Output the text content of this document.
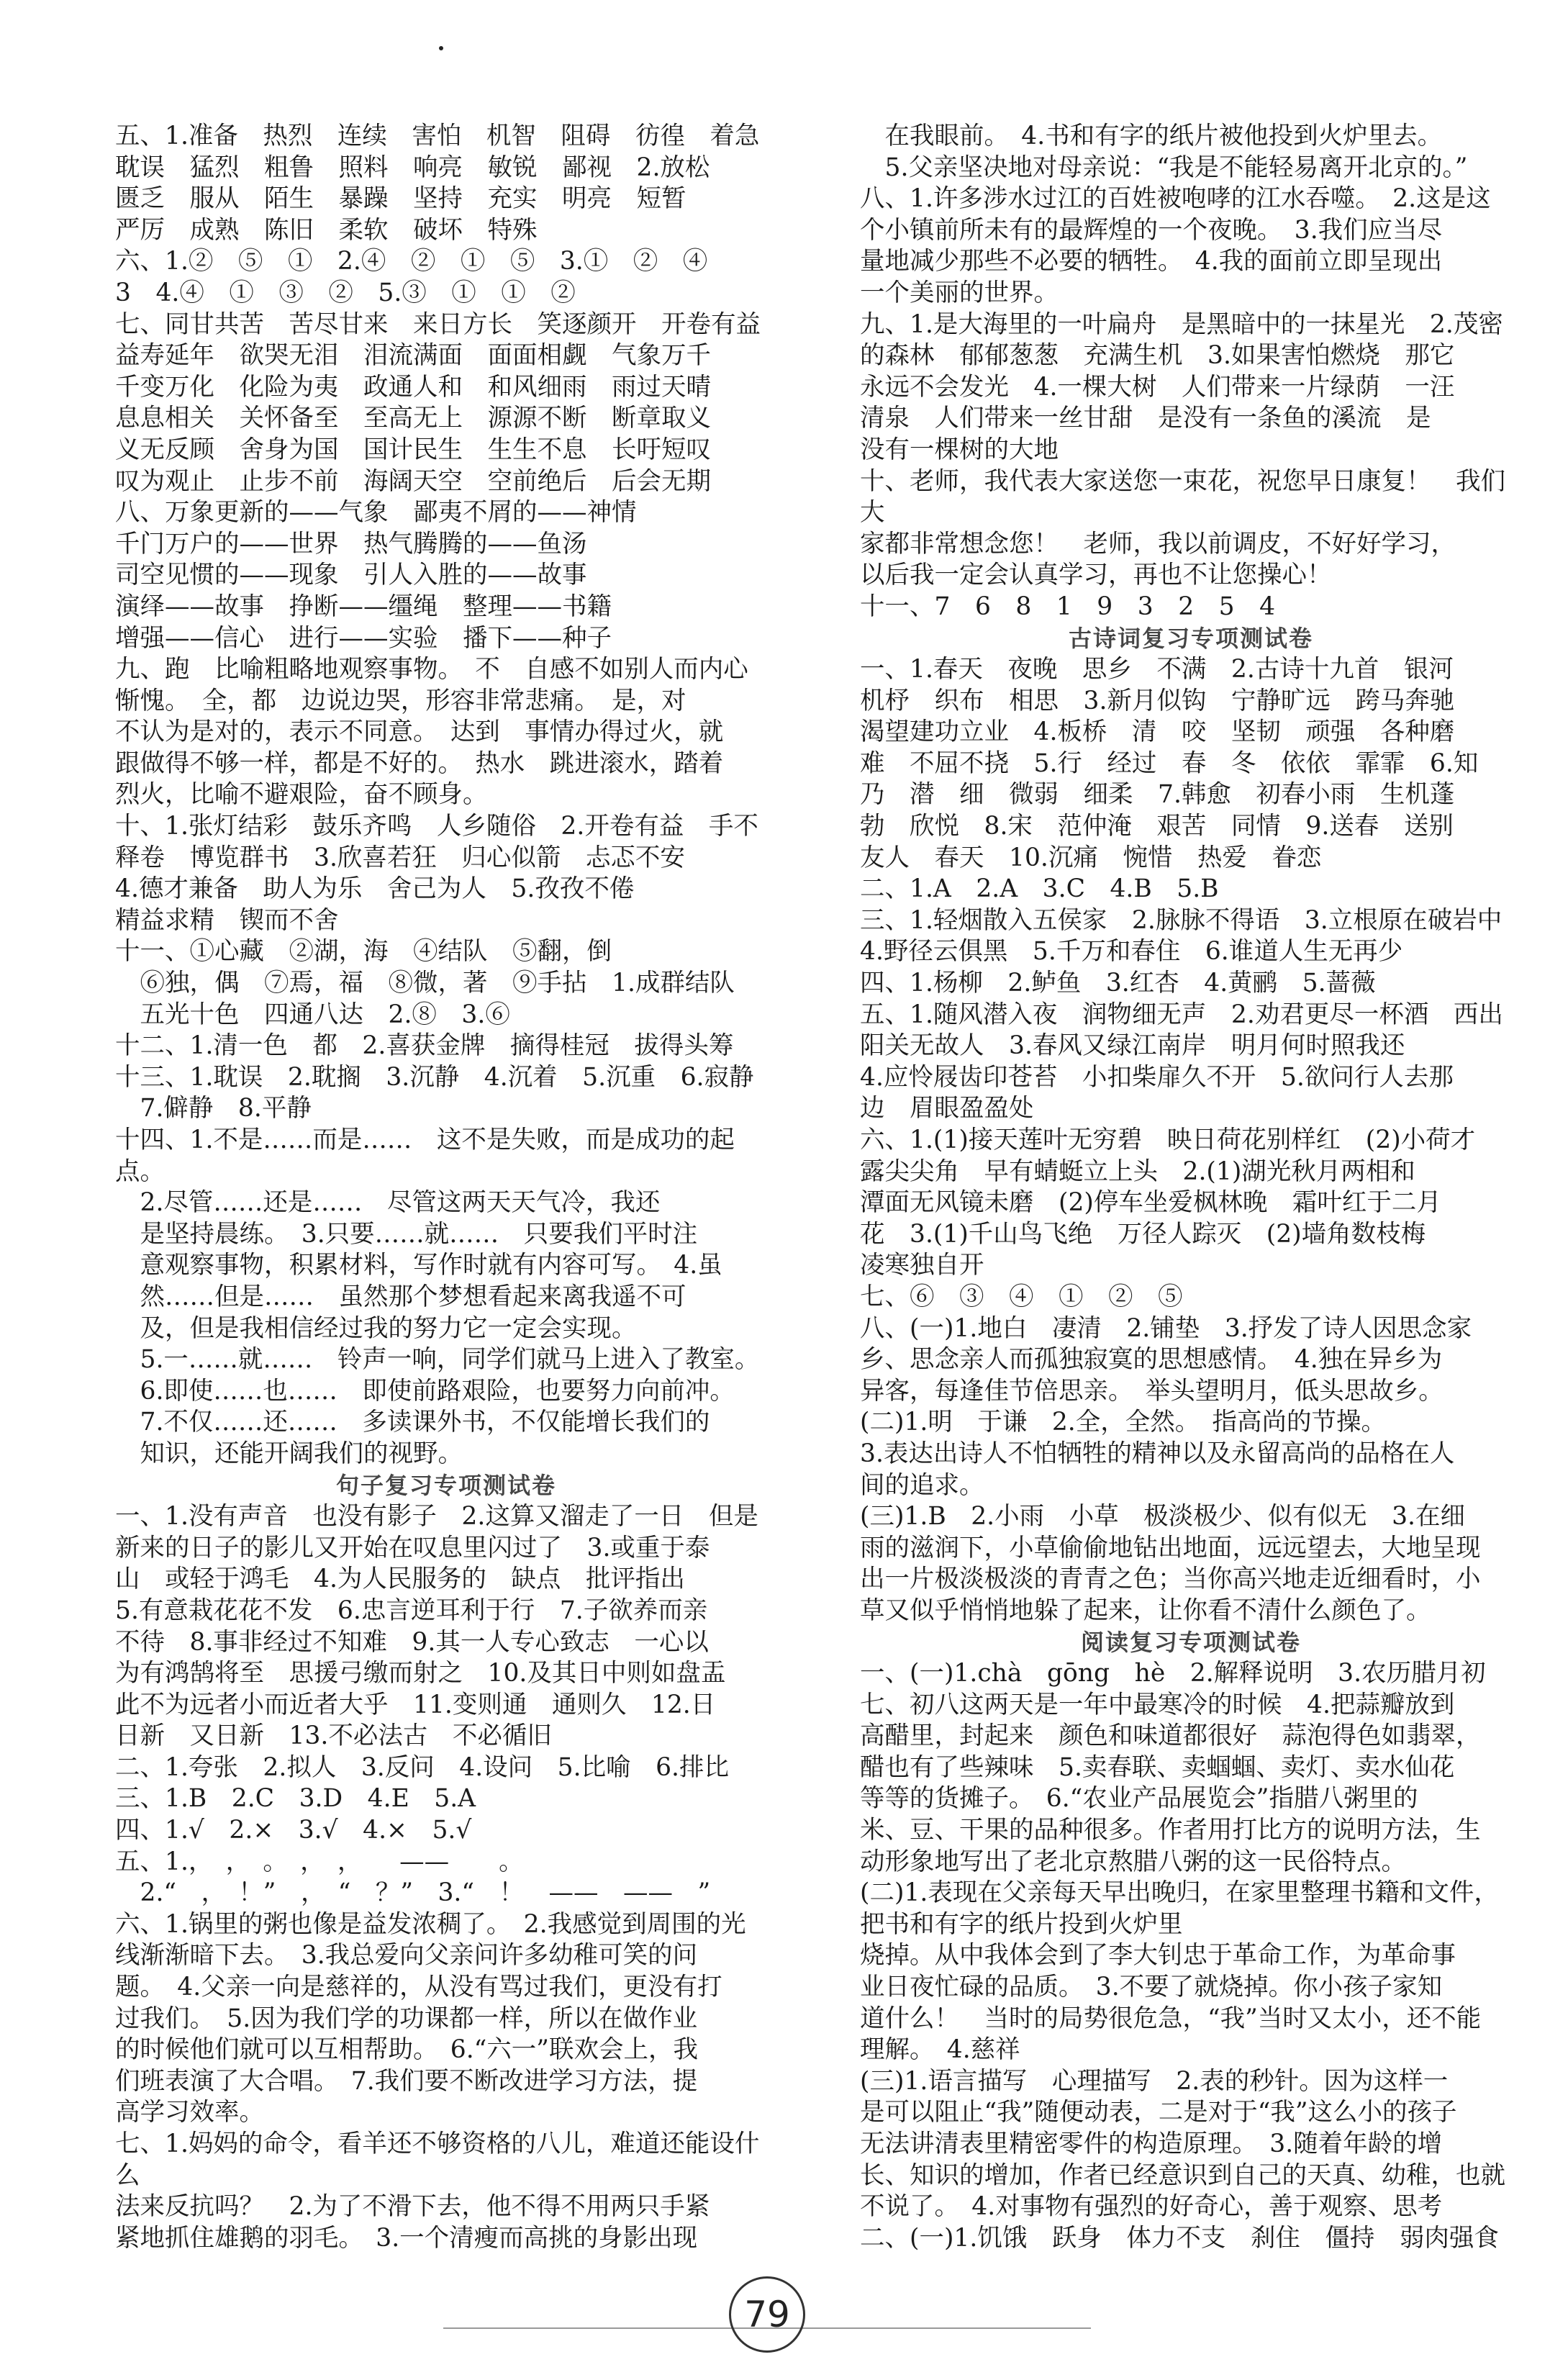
五、1.准备　热烈　连续　害怕　机智　阻碍　彷徨　着急

耽误　猛烈　粗鲁　照料　响亮　敏锐　鄙视　2.放松

匮乏　服从　陌生　暴躁　坚持　充实　明亮　短暂

严厉　成熟　陈旧　柔软　破坏　特殊

六、1.②　⑤　①　2.④　②　①　⑤　3.①　②　④

3　4.④　①　③　②　5.③　①　①　②

七、同甘共苦　苦尽甘来　来日方长　笑逐颜开　开卷有益

益寿延年　欲哭无泪　泪流满面　面面相觑　气象万千

千变万化　化险为夷　政通人和　和风细雨　雨过天晴

息息相关　关怀备至　至高无上　源源不断　断章取义

义无反顾　舍身为国　国计民生　生生不息　长吁短叹

叹为观止　止步不前　海阔天空　空前绝后　后会无期

八、万象更新的——气象　鄙夷不屑的——神情

千门万户的——世界　热气腾腾的——鱼汤

司空见惯的——现象　引人入胜的——故事

演绎——故事　挣断——缰绳　整理——书籍

增强——信心　进行——实验　播下——种子

九、跑　比喻粗略地观察事物。　不　自感不如别人而内心

惭愧。　全，都　边说边哭，形容非常悲痛。　是，对

不认为是对的，表示不同意。　达到　事情办得过火，就

跟做得不够一样，都是不好的。　热水　跳进滚水，踏着

烈火，比喻不避艰险，奋不顾身。

十、1.张灯结彩　鼓乐齐鸣　人乡随俗　2.开卷有益　手不

释卷　博览群书　3.欣喜若狂　归心似箭　忐忑不安

4.德才兼备　助人为乐　舍己为人　5.孜孜不倦

精益求精　锲而不舍

十一、①心藏　②湖，海　④结队　⑤翻，倒

　⑥独，偶　⑦焉，福　⑧微，著　⑨手拈　1.成群结队

　五光十色　四通八达　2.⑧　3.⑥

十二、1.清一色　都　2.喜获金牌　摘得桂冠　拔得头筹

十三、1.耽误　2.耽搁　3.沉静　4.沉着　5.沉重　6.寂静

　7.僻静　8.平静

十四、1.不是……而是……　这不是失败，而是成功的起点。

　2.尽管……还是……　尽管这两天天气冷，我还

　是坚持晨练。　3.只要……就……　只要我们平时注

　意观察事物，积累材料，写作时就有内容可写。　4.虽

　然……但是……　虽然那个梦想看起来离我遥不可

　及，但是我相信经过我的努力它一定会实现。

　5.一……就……　铃声一响，同学们就马上进入了教室。

　6.即使……也……　即使前路艰险，也要努力向前冲。

　7.不仅……还……　多读课外书，不仅能增长我们的

　知识，还能开阔我们的视野。

句子复习专项测试卷

一、1.没有声音　也没有影子　2.这算又溜走了一日　但是

新来的日子的影儿又开始在叹息里闪过了　3.或重于泰

山　或轻于鸿毛　4.为人民服务的　缺点　批评指出

5.有意栽花花不发　6.忠言逆耳利于行　7.子欲养而亲

不待　8.事非经过不知难　9.其一人专心致志　一心以

为有鸿鹄将至　思援弓缴而射之　10.及其日中则如盘盂

此不为远者小而近者大乎　11.变则通　通则久　12.日

日新　又日新　13.不必法古　不必循旧

二、1.夸张　2.拟人　3.反问　4.设问　5.比喻　6.排比

三、1.B　2.C　3.D　4.E　5.A

四、1.√　2.×　3.√　4.×　5.√

五、1.，　，　。　，　，　　——　　。

　2.“　，　！”　，　“　？”　3.“　！　——　——　”

六、1.锅里的粥也像是益发浓稠了。　2.我感觉到周围的光

线渐渐暗下去。　3.我总爱向父亲问许多幼稚可笑的问

题。　4.父亲一向是慈祥的，从没有骂过我们，更没有打

过我们。　5.因为我们学的功课都一样，所以在做作业

的时候他们就可以互相帮助。　6.“六一”联欢会上，我

们班表演了大合唱。　7.我们要不断改进学习方法，提

高学习效率。

七、1.妈妈的命令，看羊还不够资格的八儿，难道还能设什么

法来反抗吗？　2.为了不滑下去，他不得不用两只手紧

紧地抓住雄鹅的羽毛。　3.一个清瘦而高挑的身影出现

　在我眼前。　4.书和有字的纸片被他投到火炉里去。

　5.父亲坚决地对母亲说：“我是不能轻易离开北京的。”

八、1.许多涉水过江的百姓被咆哮的江水吞噬。　2.这是这

个小镇前所未有的最辉煌的一个夜晚。　3.我们应当尽

量地减少那些不必要的牺牲。　4.我的面前立即呈现出

一个美丽的世界。

九、1.是大海里的一叶扁舟　是黑暗中的一抹星光　2.茂密

的森林　郁郁葱葱　充满生机　3.如果害怕燃烧　那它

永远不会发光　4.一棵大树　人们带来一片绿荫　一汪

清泉　人们带来一丝甘甜　是没有一条鱼的溪流　是

没有一棵树的大地

十、老师，我代表大家送您一束花，祝您早日康复！　我们大

家都非常想念您！　老师，我以前调皮，不好好学习，

以后我一定会认真学习，再也不让您操心！

十一、7　6　8　1　9　3　2　5　4

古诗词复习专项测试卷

一、1.春天　夜晚　思乡　不满　2.古诗十九首　银河

机杼　织布　相思　3.新月似钩　宁静旷远　跨马奔驰

渴望建功立业　4.板桥　清　咬　坚韧　顽强　各种磨

难　不屈不挠　5.行　经过　春　冬　依依　霏霏　6.知

乃　潜　细　微弱　细柔　7.韩愈　初春小雨　生机蓬

勃　欣悦　8.宋　范仲淹　艰苦　同情　9.送春　送别

友人　春天　10.沉痛　惋惜　热爱　眷恋

二、1.A　2.A　3.C　4.B　5.B

三、1.轻烟散入五侯家　2.脉脉不得语　3.立根原在破岩中

4.野径云俱黑　5.千万和春住　6.谁道人生无再少

四、1.杨柳　2.鲈鱼　3.红杏　4.黄鹂　5.蔷薇

五、1.随风潜入夜　润物细无声　2.劝君更尽一杯酒　西出

阳关无故人　3.春风又绿江南岸　明月何时照我还

4.应怜屐齿印苍苔　小扣柴扉久不开　5.欲问行人去那

边　眉眼盈盈处

六、1.(1)接天莲叶无穷碧　映日荷花别样红　(2)小荷才

露尖尖角　早有蜻蜓立上头　2.(1)湖光秋月两相和

潭面无风镜未磨　(2)停车坐爱枫林晚　霜叶红于二月

花　3.(1)千山鸟飞绝　万径人踪灭　(2)墙角数枝梅

凌寒独自开

七、⑥　③　④　①　②　⑤

八、(一)1.地白　凄清　2.铺垫　3.抒发了诗人因思念家

乡、思念亲人而孤独寂寞的思想感情。　4.独在异乡为

异客，每逢佳节倍思亲。　举头望明月，低头思故乡。

(二)1.明　于谦　2.全，全然。　指高尚的节操。

3.表达出诗人不怕牺牲的精神以及永留高尚的品格在人

间的追求。

(三)1.B　2.小雨　小草　极淡极少、似有似无　3.在细

雨的滋润下，小草偷偷地钻出地面，远远望去，大地呈现

出一片极淡极淡的青青之色；当你高兴地走近细看时，小

草又似乎悄悄地躲了起来，让你看不清什么颜色了。

阅读复习专项测试卷

一、(一)1.chà　gōng　hè　2.解释说明　3.农历腊月初

七、初八这两天是一年中最寒冷的时候　4.把蒜瓣放到

高醋里，封起来　颜色和味道都很好　蒜泡得色如翡翠，

醋也有了些辣味　5.卖春联、卖蝈蝈、卖灯、卖水仙花

等等的货摊子。　6.“农业产品展览会”指腊八粥里的

米、豆、干果的品种很多。作者用打比方的说明方法，生

动形象地写出了老北京熬腊八粥的这一民俗特点。

(二)1.表现在父亲每天早出晚归，在家里整理书籍和文件，把书和有字的纸片投到火炉里

烧掉。从中我体会到了李大钊忠于革命工作，为革命事

业日夜忙碌的品质。　3.不要了就烧掉。你小孩子家知

道什么！　当时的局势很危急，“我”当时又太小，还不能

理解。　4.慈祥

(三)1.语言描写　心理描写　2.表的秒针。因为这样一

是可以阻止“我”随便动表，二是对于“我”这么小的孩子

无法讲清表里精密零件的构造原理。　3.随着年龄的增

长、知识的增加，作者已经意识到自己的天真、幼稚，也就

不说了。　4.对事物有强烈的好奇心，善于观察、思考

二、(一)1.饥饿　跃身　体力不支　刹住　僵持　弱肉强食

79
